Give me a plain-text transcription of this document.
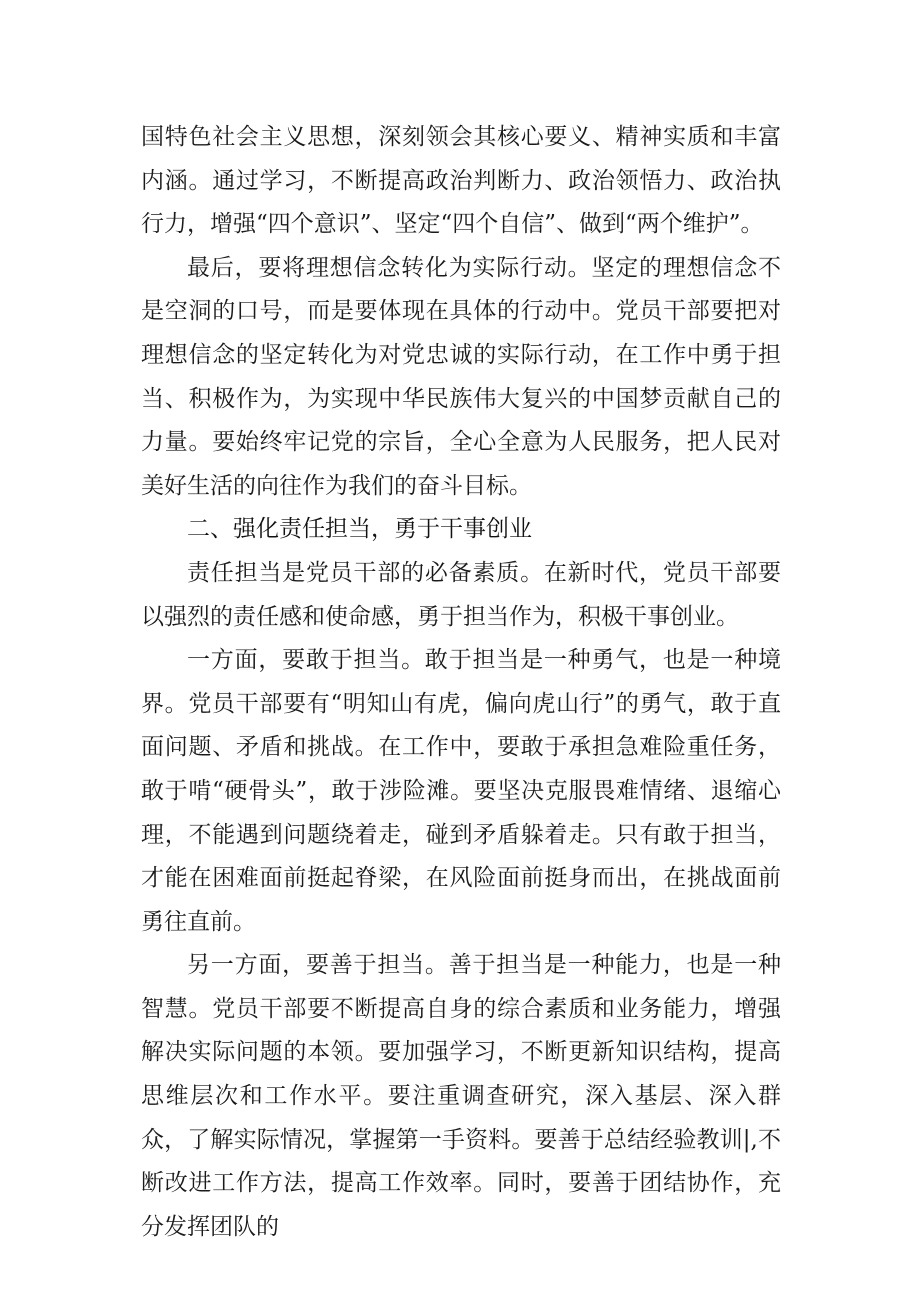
国特色社会主义思想，深刻领会其核心要义、精神实质和丰富内涵。通过学习，不断提高政治判断力、政治领悟力、政治执行力，增强“四个意识”、坚定“四个自信”、做到“两个维护”。

最后，要将理想信念转化为实际行动。坚定的理想信念不是空洞的口号，而是要体现在具体的行动中。党员干部要把对理想信念的坚定转化为对党忠诚的实际行动，在工作中勇于担当、积极作为，为实现中华民族伟大复兴的中国梦贡献自己的力量。要始终牢记党的宗旨，全心全意为人民服务，把人民对美好生活的向往作为我们的奋斗目标。

二、强化责任担当，勇于干事创业

责任担当是党员干部的必备素质。在新时代，党员干部要以强烈的责任感和使命感，勇于担当作为，积极干事创业。

一方面，要敢于担当。敢于担当是一种勇气，也是一种境界。党员干部要有“明知山有虎，偏向虎山行”的勇气，敢于直面问题、矛盾和挑战。在工作中，要敢于承担急难险重任务，敢于啃“硬骨头”，敢于涉险滩。要坚决克服畏难情绪、退缩心理，不能遇到问题绕着走，碰到矛盾躲着走。只有敢于担当，才能在困难面前挺起脊梁，在风险面前挺身而出，在挑战面前勇往直前。

另一方面，要善于担当。善于担当是一种能力，也是一种智慧。党员干部要不断提高自身的综合素质和业务能力，增强解决实际问题的本领。要加强学习，不断更新知识结构，提高思维层次和工作水平。要注重调查研究，深入基层、深入群众，了解实际情况，掌握第一手资料。要善于总结经验教训|,不断改进工作方法，提高工作效率。同时，要善于团结协作，充分发挥团队的
